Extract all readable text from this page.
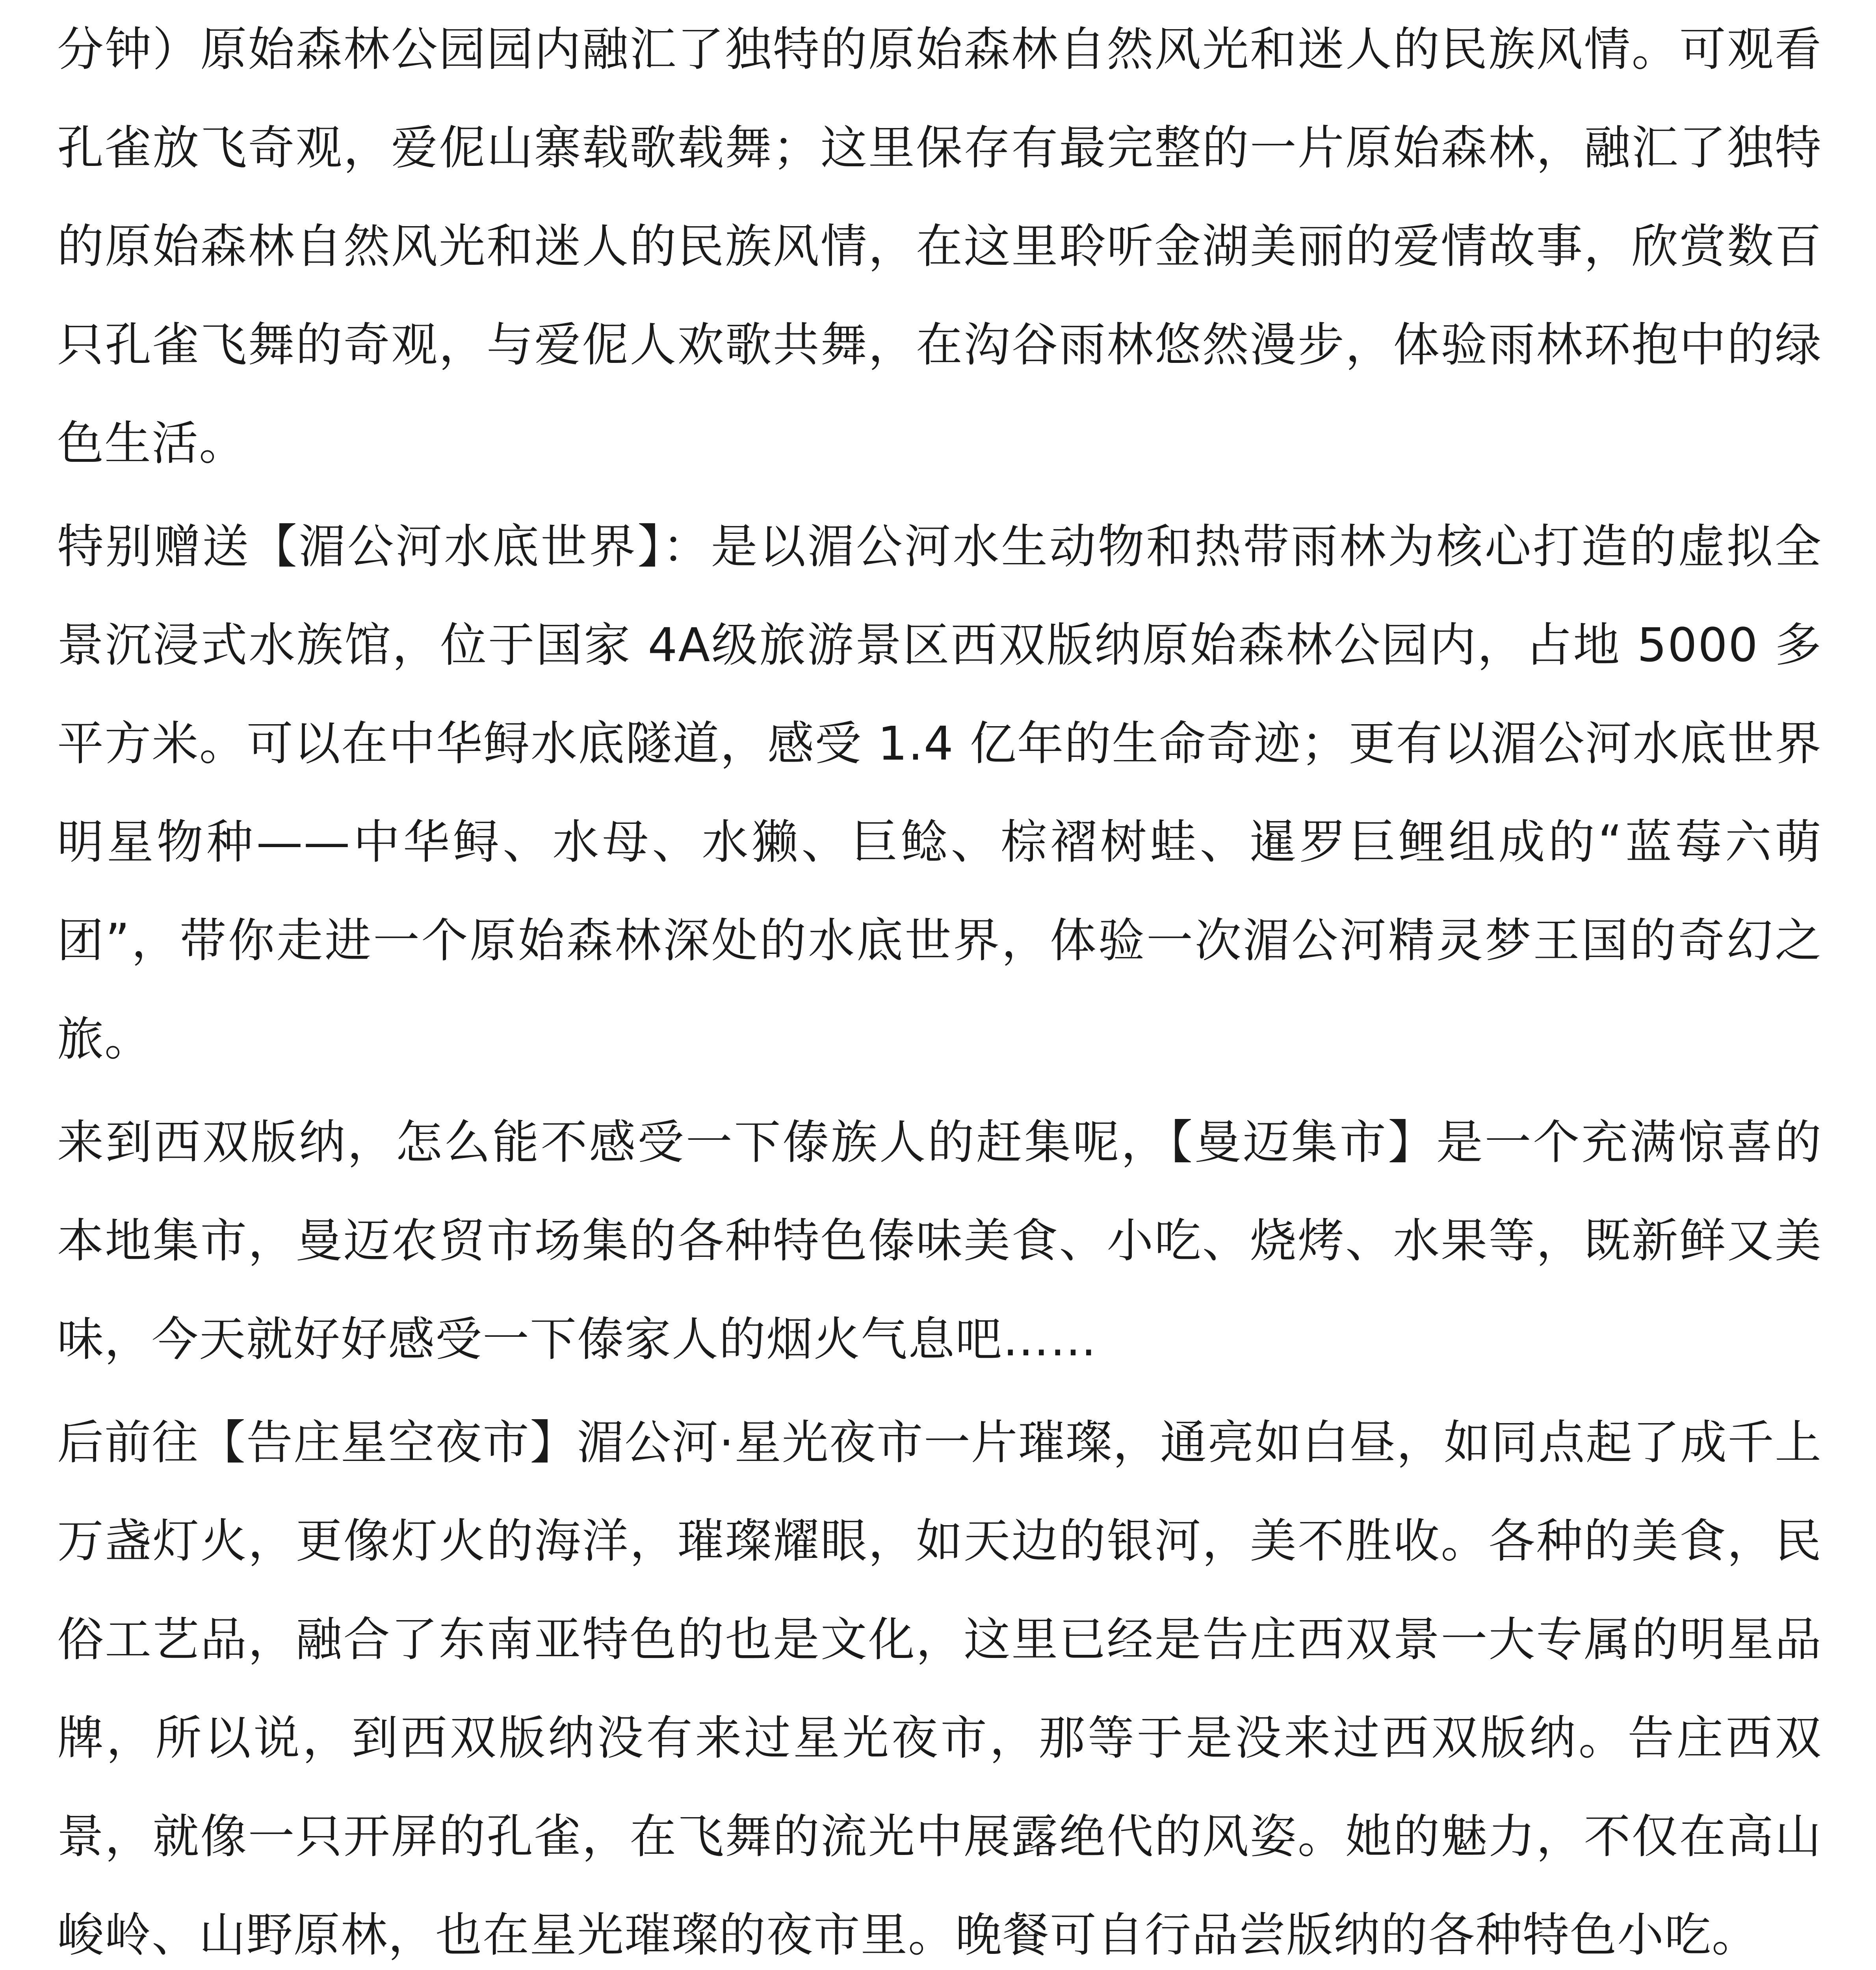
分钟）原始森林公园园内融汇了独特的原始森林自然风光和迷人的民族风情。可观看孔雀放飞奇观，爱伲山寨载歌载舞；这里保存有最完整的一片原始森林，融汇了独特的原始森林自然风光和迷人的民族风情，在这里聆听金湖美丽的爱情故事，欣赏数百只孔雀飞舞的奇观，与爱伲人欢歌共舞，在沟谷雨林悠然漫步，体验雨林环抱中的绿色生活。

特别赠送【湄公河水底世界】：是以湄公河水生动物和热带雨林为核心打造的虚拟全景沉浸式水族馆，位于国家 4A级旅游景区西双版纳原始森林公园内，占地 5000 多平方米。可以在中华鲟水底隧道，感受 1.4 亿年的生命奇迹；更有以湄公河水底世界明星物种——中华鲟、水母、水獭、巨鲶、棕褶树蛙、暹罗巨鲤组成的“蓝莓六萌团”，带你走进一个原始森林深处的水底世界，体验一次湄公河精灵梦王国的奇幻之旅。

来到西双版纳，怎么能不感受一下傣族人的赶集呢，【曼迈集市】是一个充满惊喜的本地集市，曼迈农贸市场集的各种特色傣味美食、小吃、烧烤、水果等，既新鲜又美味，今天就好好感受一下傣家人的烟火气息吧……

后前往【告庄星空夜市】湄公河·星光夜市一片璀璨，通亮如白昼，如同点起了成千上万盏灯火，更像灯火的海洋，璀璨耀眼，如天边的银河，美不胜收。各种的美食，民俗工艺品，融合了东南亚特色的也是文化，这里已经是告庄西双景一大专属的明星品牌，所以说，到西双版纳没有来过星光夜市，那等于是没来过西双版纳。告庄西双景，就像一只开屏的孔雀，在飞舞的流光中展露绝代的风姿。她的魅力，不仅在高山峻岭、山野原林，也在星光璀璨的夜市里。晚餐可自行品尝版纳的各种特色小吃。
